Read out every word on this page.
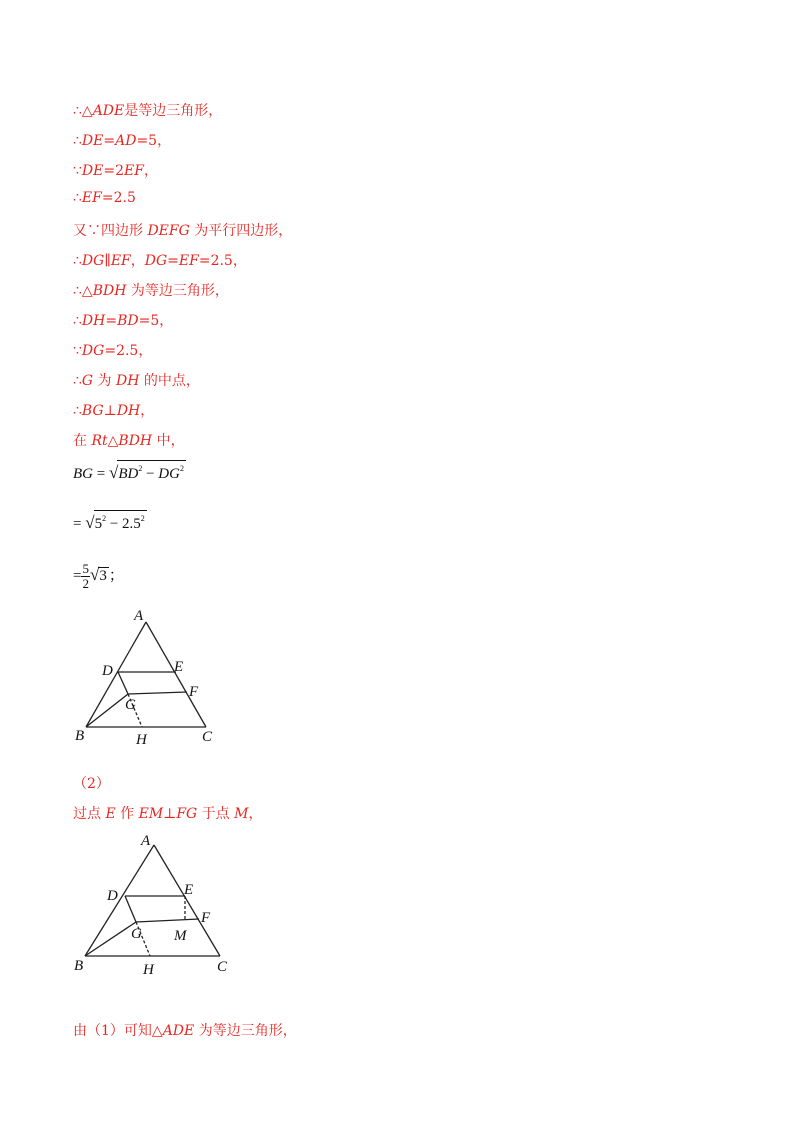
∴△ADE是等边三角形，
∴DE=AD=5，
∵DE=2EF，
∴EF=2.5
又∵四边形 DEFG 为平行四边形，
∴DG∥EF，DG=EF=2.5，
∴△BDH 为等边三角形，
∴DH=BD=5，
∵DG=2.5，
∴G 为 DH 的中点，
∴BG⊥DH，
在 Rt△BDH 中，
BG = $√BD^2 - DG^2$
= $√5^2 - 2.5^2$
= $\frac{5}{2} √3$ ；
A
D	E
F
G
B	H	C
（2）
过点 E 作 EM⊥FG 于点 M，
A
D	E
F
G M
B	H	C
由（1）可知△ADE 为等边三角形，
